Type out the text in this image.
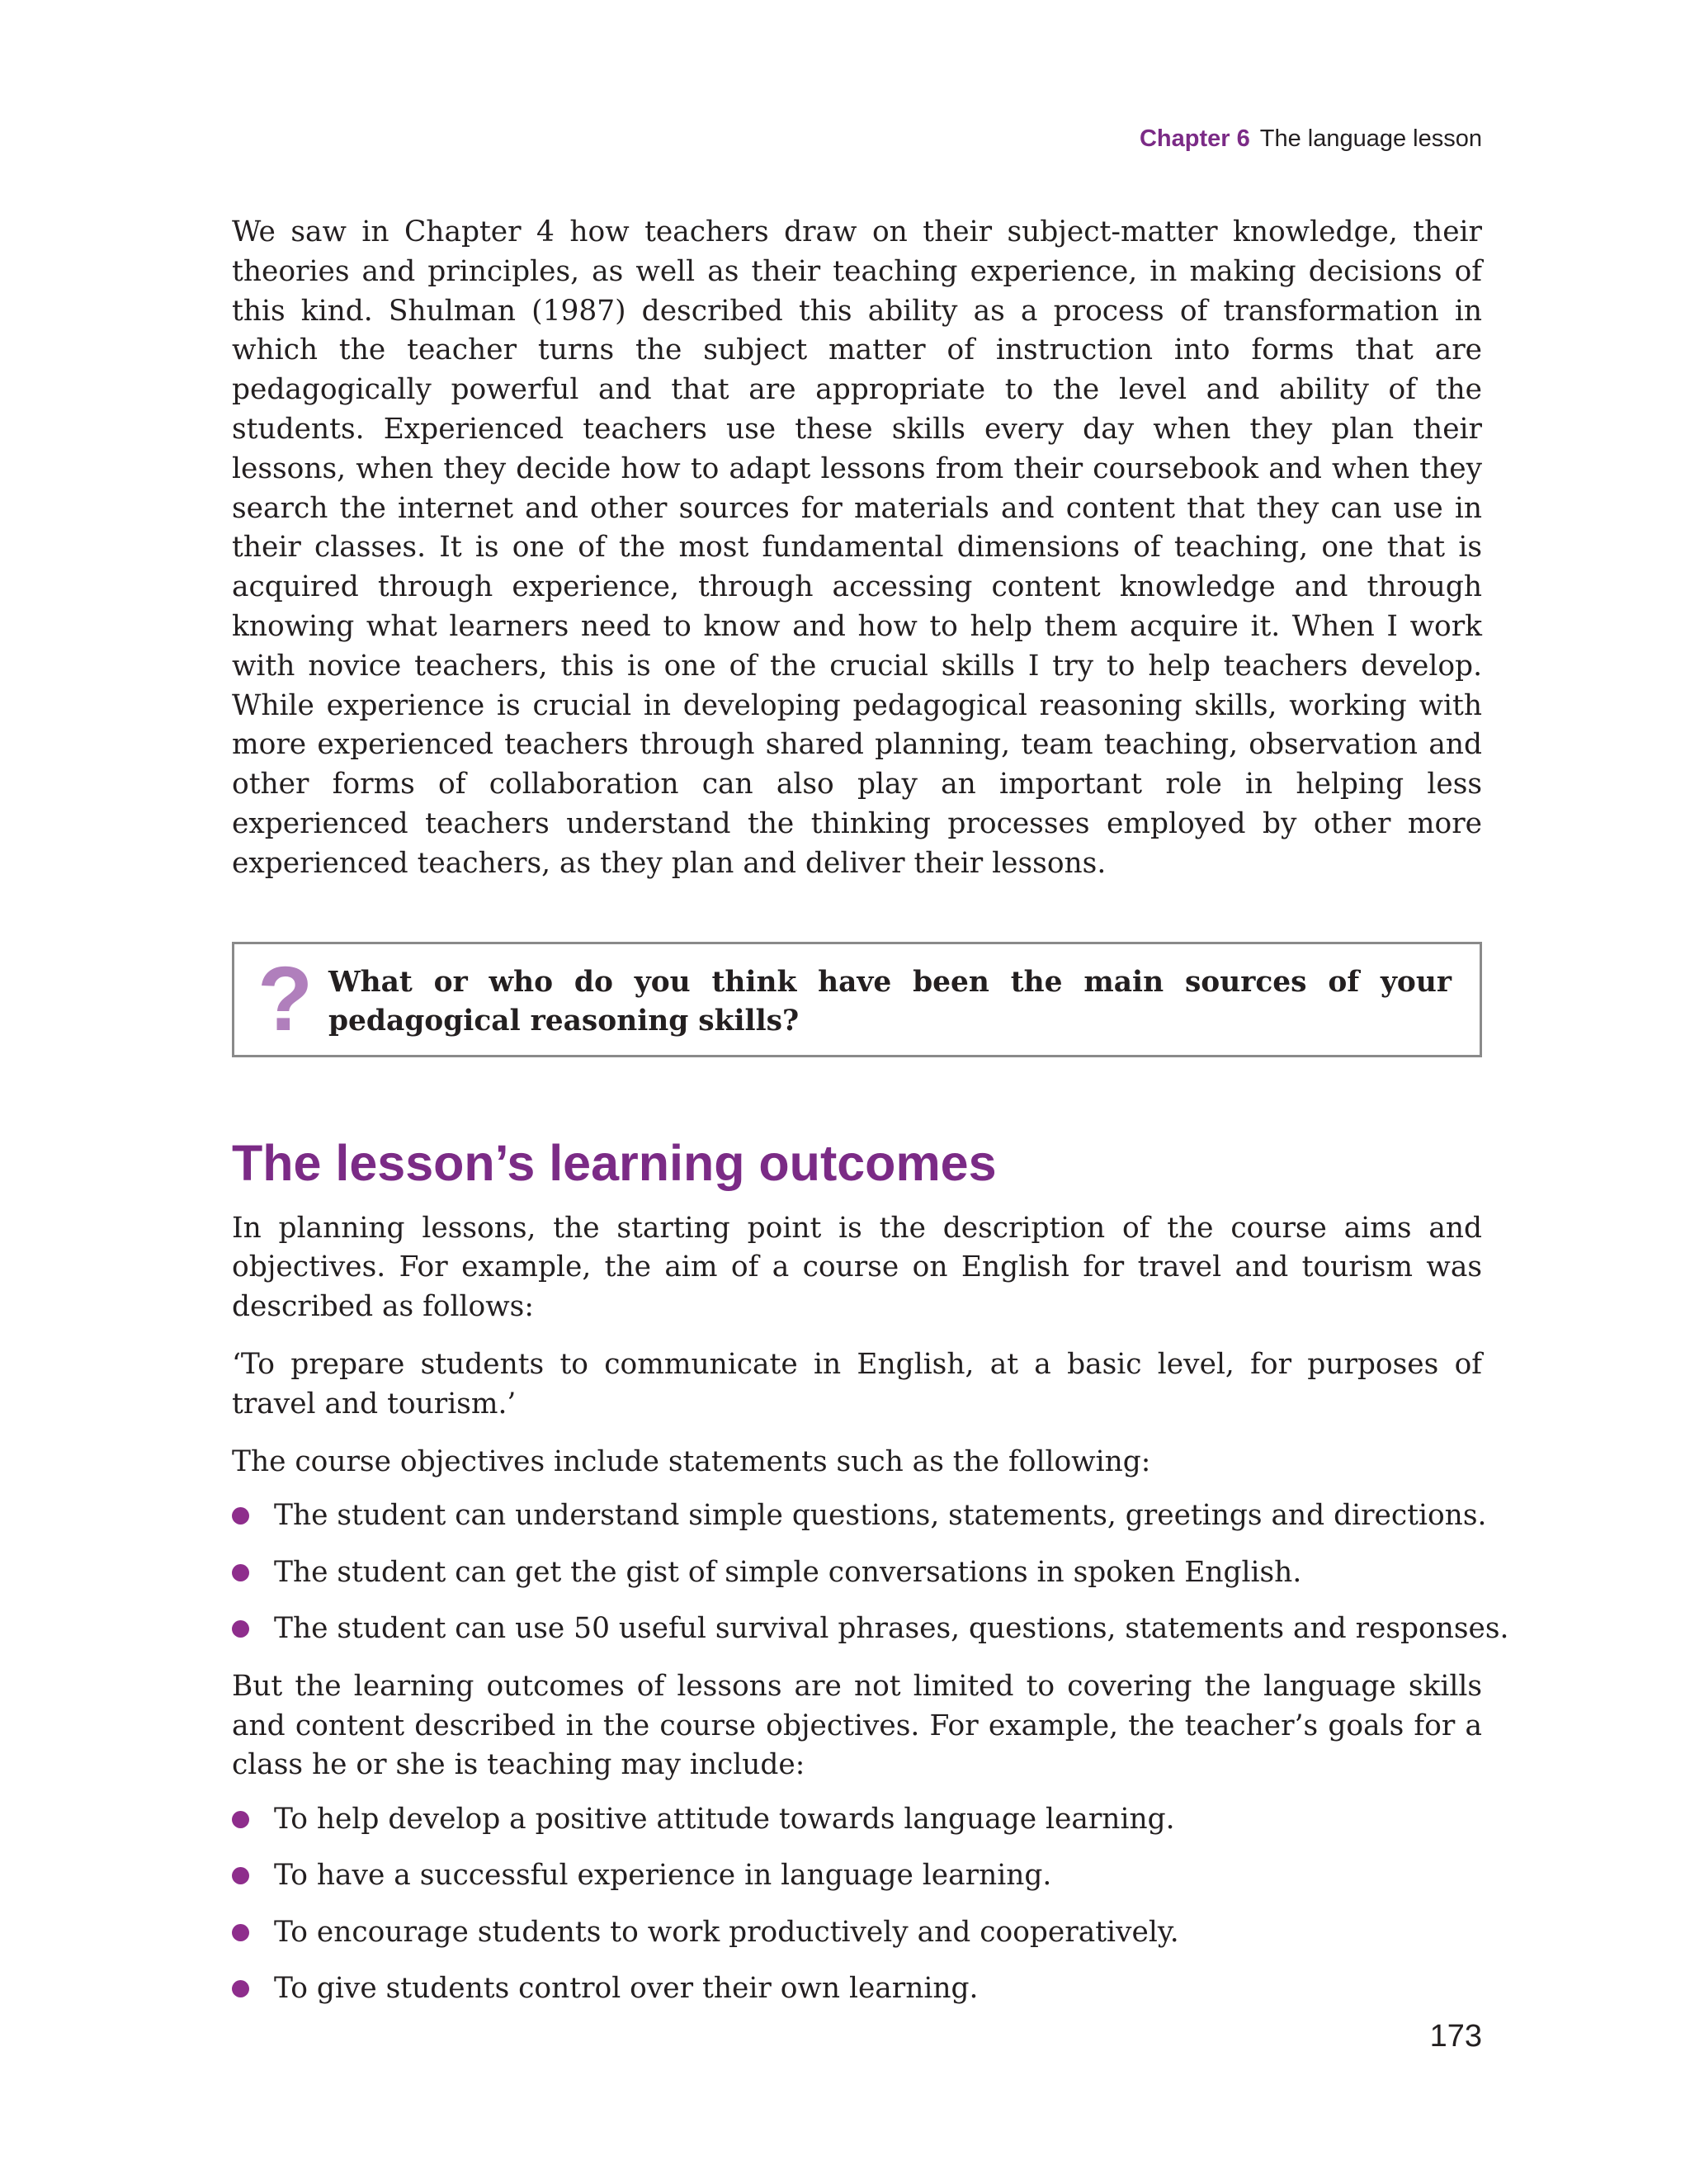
Chapter 6 The language lesson

We saw in Chapter 4 how teachers draw on their subject-matter knowledge, their theories and principles, as well as their teaching experience, in making decisions of this kind. Shulman (1987) described this ability as a process of transformation in which the teacher turns the subject matter of instruction into forms that are pedagogically powerful and that are appropriate to the level and ability of the students. Experienced teachers use these skills every day when they plan their lessons, when they decide how to adapt lessons from their coursebook and when they search the internet and other sources for materials and content that they can use in their classes. It is one of the most fundamental dimensions of teaching, one that is acquired through experience, through accessing content knowledge and through knowing what learners need to know and how to help them acquire it. When I work with novice teachers, this is one of the crucial skills I try to help teachers develop. While experience is crucial in developing pedagogical reasoning skills, working with more experienced teachers through shared planning, team teaching, observation and other forms of collaboration can also play an important role in helping less experienced teachers understand the thinking processes employed by other more experienced teachers, as they plan and deliver their lessons.

? What or who do you think have been the main sources of your pedagogical reasoning skills?
The lesson’s learning outcomes

In planning lessons, the starting point is the description of the course aims and objectives. For example, the aim of a course on English for travel and tourism was described as follows:

‘To prepare students to communicate in English, at a basic level, for purposes of travel and tourism.’

The course objectives include statements such as the following:

The student can understand simple questions, statements, greetings and directions.
The student can get the gist of simple conversations in spoken English.
The student can use 50 useful survival phrases, questions, statements and responses.

But the learning outcomes of lessons are not limited to covering the language skills and content described in the course objectives. For example, the teacher’s goals for a class he or she is teaching may include:

To help develop a positive attitude towards language learning.
To have a successful experience in language learning.
To encourage students to work productively and cooperatively.
To give students control over their own learning.
173
